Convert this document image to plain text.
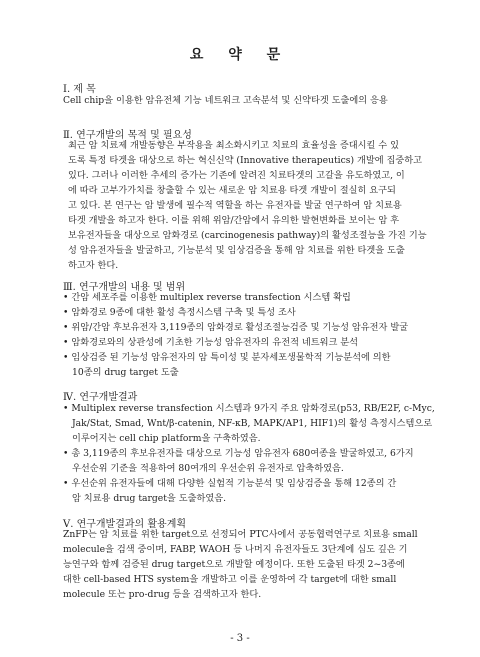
요 약 문
Ⅰ. 제 목
Cell chip을 이용한 암유전체 기능 네트워크 고속분석 및 신약타겟 도출에의 응용
Ⅱ. 연구개발의 목적 및 필요성
최근 암 치료제 개발동향은 부작용을 최소화시키고 치료의 효율성을 증대시킬 수 있
도록 특정 타겟을 대상으로 하는 혁신신약 (Innovative therapeutics) 개발에 집중하고
있다. 그러나 이러한 추세의 증가는 기존에 알려진 치료타겟의 고갈을 유도하였고, 이
에 따라 고부가가치를 창출할 수 있는 새로운 암 치료용 타겟 개발이 절실히 요구되
고 있다. 본 연구는 암 발생에 필수적 역할을 하는 유전자를 발굴 연구하여 암 치료용
타겟 개발을 하고자 한다. 이를 위해 위암/간암에서 유의한 발현변화를 보이는 암 후
보유전자들을 대상으로 암화경로 (carcinogenesis pathway)의 활성조절능을 가진 기능
성 암유전자들을 발굴하고, 기능분석 및 임상검증을 통해 암 치료를 위한 타겟을 도출
하고자 한다.
Ⅲ. 연구개발의 내용 및 범위
• 간암 세포주를 이용한 multiplex reverse transfection 시스템 확립
• 암화경로 9종에 대한 활성 측정시스템 구축 및 특성 조사
• 위암/간암 후보유전자 3,119종의 암화경로 활성조절능검증 및 기능성 암유전자 발굴
• 암화경로와의 상관성에 기초한 기능성 암유전자의 유전적 네트워크 분석
• 임상검증 된 기능성 암유전자의 암 특이성 및 분자세포생물학적 기능분석에 의한
10종의 drug target 도출
Ⅳ. 연구개발결과
• Multiplex reverse transfection 시스템과 9가지 주요 암화경로(p53, RB/E2F, c-Myc,
Jak/Stat, Smad, Wnt/β-catenin, NF-κB, MAPK/AP1, HIF1)의 활성 측정시스템으로
이루어지는 cell chip platform을 구축하였음.
• 총 3,119종의 후보유전자를 대상으로 기능성 암유전자 680여종을 발굴하였고, 6가지
우선순위 기준을 적용하여 80여개의 우선순위 유전자로 압축하였음.
• 우선순위 유전자들에 대해 다양한 실험적 기능분석 및 임상검증을 통해 12종의 간
암 치료용 drug target을 도출하였음.
Ⅴ. 연구개발결과의 활용계획
ZnFP는 암 치료를 위한 target으로 선정되어 PTC사에서 공동협력연구로 치료용 small
molecule을 검색 중이며, FABP, WAOH 등 나머지 유전자들도 3단계에 심도 깊은 기
능연구와 함께 검증된 drug target으로 개발할 예정이다. 또한 도출된 타겟 2~3종에
대한 cell-based HTS system을 개발하고 이를 운영하여 각 target에 대한 small
molecule 또는 pro-drug 등을 검색하고자 한다.
- 3 -
